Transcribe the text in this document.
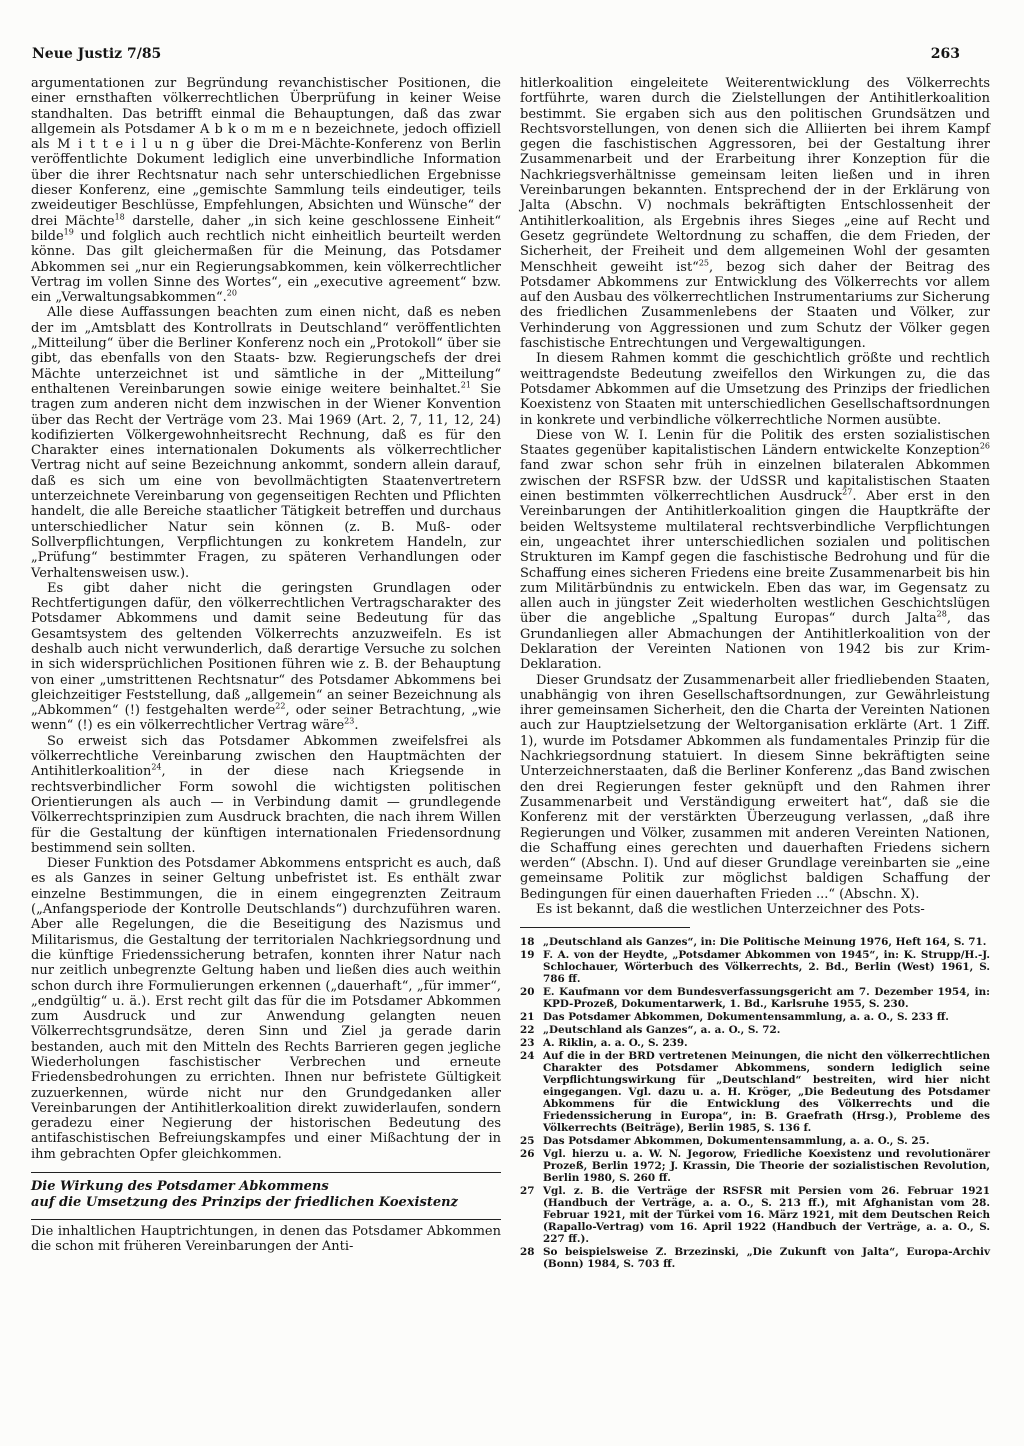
Neue Justiz 7/85	263

argumentationen zur Begründung revanchistischer Positionen, die einer ernsthaften völkerrechtlichen Überprüfung in keiner Weise standhalten. Das betrifft einmal die Behauptungen, daß das zwar allgemein als Potsdamer A b k o m m e n bezeichnete, jedoch offiziell als M i t t e i l u n g über die Drei-Mächte-Konferenz von Berlin veröffentlichte Dokument lediglich eine unverbindliche Information über die ihrer Rechtsnatur nach sehr unterschiedlichen Ergebnisse dieser Konferenz, eine „gemischte Sammlung teils eindeutiger, teils zweideutiger Beschlüsse, Empfehlungen, Absichten und Wünsche“ der drei Mächte$^{18}$ darstelle, daher „in sich keine geschlossene Einheit“ bilde$^{19}$ und folglich auch rechtlich nicht einheitlich beurteilt werden könne. Das gilt gleichermaßen für die Meinung, das Potsdamer Abkommen sei „nur ein Regierungsabkommen, kein völkerrechtlicher Vertrag im vollen Sinne des Wortes“, ein „executive agreement“ bzw. ein „Verwaltungsabkommen“.$^{20}$

Alle diese Auffassungen beachten zum einen nicht, daß es neben der im „Amtsblatt des Kontrollrats in Deutschland“ veröffentlichten „Mitteilung“ über die Berliner Konferenz noch ein „Protokoll“ über sie gibt, das ebenfalls von den Staats- bzw. Regierungschefs der drei Mächte unterzeichnet ist und sämtliche in der „Mitteilung“ enthaltenen Vereinbarungen sowie einige weitere beinhaltet.$^{21}$ Sie tragen zum anderen nicht dem inzwischen in der Wiener Konvention über das Recht der Verträge vom 23. Mai 1969 (Art. 2, 7, 11, 12, 24) kodifizierten Völkergewohnheitsrecht Rechnung, daß es für den Charakter eines internationalen Dokuments als völkerrechtlicher Vertrag nicht auf seine Bezeichnung ankommt, sondern allein darauf, daß es sich um eine von bevollmächtigten Staatenvertretern unterzeichnete Vereinbarung von gegenseitigen Rechten und Pflichten handelt, die alle Bereiche staatlicher Tätigkeit betreffen und durchaus unterschiedlicher Natur sein können (z. B. Muß- oder Sollverpflichtungen, Verpflichtungen zu konkretem Handeln, zur „Prüfung“ bestimmter Fragen, zu späteren Verhandlungen oder Verhaltensweisen usw.).

Es gibt daher nicht die geringsten Grundlagen oder Rechtfertigungen dafür, den völkerrechtlichen Vertragscharakter des Potsdamer Abkommens und damit seine Bedeutung für das Gesamtsystem des geltenden Völkerrechts anzuzweifeln. Es ist deshalb auch nicht verwunderlich, daß derartige Versuche zu solchen in sich widersprüchlichen Positionen führen wie z. B. der Behauptung von einer „umstrittenen Rechtsnatur“ des Potsdamer Abkommens bei gleichzeitiger Feststellung, daß „allgemein“ an seiner Bezeichnung als „Abkommen“ (!) festgehalten werde$^{22}$, oder seiner Betrachtung, „wie wenn“ (!) es ein völkerrechtlicher Vertrag wäre$^{23}$.

So erweist sich das Potsdamer Abkommen zweifelsfrei als völkerrechtliche Vereinbarung zwischen den Hauptmächten der Antihitlerkoalition$^{24}$, in der diese nach Kriegsende in rechtsverbindlicher Form sowohl die wichtigsten politischen Orientierungen als auch — in Verbindung damit — grundlegende Völkerrechtsprinzipien zum Ausdruck brachten, die nach ihrem Willen für die Gestaltung der künftigen internationalen Friedensordnung bestimmend sein sollten.

Dieser Funktion des Potsdamer Abkommens entspricht es auch, daß es als Ganzes in seiner Geltung unbefristet ist. Es enthält zwar einzelne Bestimmungen, die in einem eingegrenzten Zeitraum („Anfangsperiode der Kontrolle Deutschlands“) durchzuführen waren. Aber alle Regelungen, die die Beseitigung des Nazismus und Militarismus, die Gestaltung der territorialen Nachkriegsordnung und die künftige Friedenssicherung betrafen, konnten ihrer Natur nach nur zeitlich unbegrenzte Geltung haben und ließen dies auch weithin schon durch ihre Formulierungen erkennen („dauerhaft“, „für immer“, „endgültig“ u. ä.). Erst recht gilt das für die im Potsdamer Abkommen zum Ausdruck und zur Anwendung gelangten neuen Völkerrechtsgrundsätze, deren Sinn und Ziel ja gerade darin bestanden, auch mit den Mitteln des Rechts Barrieren gegen jegliche Wiederholungen faschistischer Verbrechen und erneute Friedensbedrohungen zu errichten. Ihnen nur befristete Gültigkeit zuzuerkennen, würde nicht nur den Grundgedanken aller Vereinbarungen der Antihitlerkoalition direkt zuwiderlaufen, sondern geradezu einer Negierung der historischen Bedeutung des antifaschistischen Befreiungskampfes und einer Mißachtung der in ihm gebrachten Opfer gleichkommen.

Die Wirkung des Potsdamer Abkommens
auf die Umsetzung des Prinzips der friedlichen Koexistenz

Die inhaltlichen Hauptrichtungen, in denen das Potsdamer Abkommen die schon mit früheren Vereinbarungen der Anti-

hitlerkoalition eingeleitete Weiterentwicklung des Völkerrechts fortführte, waren durch die Zielstellungen der Antihitlerkoalition bestimmt. Sie ergaben sich aus den politischen Grundsätzen und Rechtsvorstellungen, von denen sich die Alliierten bei ihrem Kampf gegen die faschistischen Aggressoren, bei der Gestaltung ihrer Zusammenarbeit und der Erarbeitung ihrer Konzeption für die Nachkriegsverhältnisse gemeinsam leiten ließen und in ihren Vereinbarungen bekannten. Entsprechend der in der Erklärung von Jalta (Abschn. V) nochmals bekräftigten Entschlossenheit der Antihitlerkoalition, als Ergebnis ihres Sieges „eine auf Recht und Gesetz gegründete Weltordnung zu schaffen, die dem Frieden, der Sicherheit, der Freiheit und dem allgemeinen Wohl der gesamten Menschheit geweiht ist“$^{25}$, bezog sich daher der Beitrag des Potsdamer Abkommens zur Entwicklung des Völkerrechts vor allem auf den Ausbau des völkerrechtlichen Instrumentariums zur Sicherung des friedlichen Zusammenlebens der Staaten und Völker, zur Verhinderung von Aggressionen und zum Schutz der Völker gegen faschistische Entrechtungen und Vergewaltigungen.

In diesem Rahmen kommt die geschichtlich größte und rechtlich weittragendste Bedeutung zweifellos den Wirkungen zu, die das Potsdamer Abkommen auf die Umsetzung des Prinzips der friedlichen Koexistenz von Staaten mit unterschiedlichen Gesellschaftsordnungen in konkrete und verbindliche völkerrechtliche Normen ausübte.

Diese von W. I. Lenin für die Politik des ersten sozialistischen Staates gegenüber kapitalistischen Ländern entwickelte Konzeption$^{26}$ fand zwar schon sehr früh in einzelnen bilateralen Abkommen zwischen der RSFSR bzw. der UdSSR und kapitalistischen Staaten einen bestimmten völkerrechtlichen Ausdruck$^{27}$. Aber erst in den Vereinbarungen der Antihitlerkoalition gingen die Hauptkräfte der beiden Weltsysteme multilateral rechtsverbindliche Verpflichtungen ein, ungeachtet ihrer unterschiedlichen sozialen und politischen Strukturen im Kampf gegen die faschistische Bedrohung und für die Schaffung eines sicheren Friedens eine breite Zusammenarbeit bis hin zum Militärbündnis zu entwickeln. Eben das war, im Gegensatz zu allen auch in jüngster Zeit wiederholten westlichen Geschichtslügen über die angebliche „Spaltung Europas“ durch Jalta$^{28}$, das Grundanliegen aller Abmachungen der Antihitlerkoalition von der Deklaration der Vereinten Nationen von 1942 bis zur Krim-Deklaration.

Dieser Grundsatz der Zusammenarbeit aller friedliebenden Staaten, unabhängig von ihren Gesellschaftsordnungen, zur Gewährleistung ihrer gemeinsamen Sicherheit, den die Charta der Vereinten Nationen auch zur Hauptzielsetzung der Weltorganisation erklärte (Art. 1 Ziff. 1), wurde im Potsdamer Abkommen als fundamentales Prinzip für die Nachkriegsordnung statuiert. In diesem Sinne bekräftigten seine Unterzeichnerstaaten, daß die Berliner Konferenz „das Band zwischen den drei Regierungen fester geknüpft und den Rahmen ihrer Zusammenarbeit und Verständigung erweitert hat“, daß sie die Konferenz mit der verstärkten Überzeugung verlassen, „daß ihre Regierungen und Völker, zusammen mit anderen Vereinten Nationen, die Schaffung eines gerechten und dauerhaften Friedens sichern werden“ (Abschn. I). Und auf dieser Grundlage vereinbarten sie „eine gemeinsame Politik zur möglichst baldigen Schaffung der Bedingungen für einen dauerhaften Frieden ...“ (Abschn. X).

Es ist bekannt, daß die westlichen Unterzeichner des Pots-

18 „Deutschland als Ganzes“, in: Die Politische Meinung 1976, Heft 164, S. 71.
19 F. A. von der Heydte, „Potsdamer Abkommen von 1945“, in: K. Strupp/H.-J. Schlochauer, Wörterbuch des Völkerrechts, 2. Bd., Berlin (West) 1961, S. 786 ff.
20 E. Kaufmann vor dem Bundesverfassungsgericht am 7. Dezember 1954, in: KPD-Prozeß, Dokumentarwerk, 1. Bd., Karlsruhe 1955, S. 230.
21 Das Potsdamer Abkommen, Dokumentensammlung, a. a. O., S. 233 ff.
22 „Deutschland als Ganzes“, a. a. O., S. 72.
23 A. Riklin, a. a. O., S. 239.
24 Auf die in der BRD vertretenen Meinungen, die nicht den völkerrechtlichen Charakter des Potsdamer Abkommens, sondern lediglich seine Verpflichtungswirkung für „Deutschland“ bestreiten, wird hier nicht eingegangen. Vgl. dazu u. a. H. Kröger, „Die Bedeutung des Potsdamer Abkommens für die Entwicklung des Völkerrechts und die Friedenssicherung in Europa“, in: B. Graefrath (Hrsg.), Probleme des Völkerrechts (Beiträge), Berlin 1985, S. 136 f.
25 Das Potsdamer Abkommen, Dokumentensammlung, a. a. O., S. 25.
26 Vgl. hierzu u. a. W. N. Jegorow, Friedliche Koexistenz und revolutionärer Prozeß, Berlin 1972; J. Krassin, Die Theorie der sozialistischen Revolution, Berlin 1980, S. 260 ff.
27 Vgl. z. B. die Verträge der RSFSR mit Persien vom 26. Februar 1921 (Handbuch der Verträge, a. a. O., S. 213 ff.), mit Afghanistan vom 28. Februar 1921, mit der Türkei vom 16. März 1921, mit dem Deutschen Reich (Rapallo-Vertrag) vom 16. April 1922 (Handbuch der Verträge, a. a. O., S. 227 ff.).
28 So beispielsweise Z. Brzezinski, „Die Zukunft von Jalta“, Europa-Archiv (Bonn) 1984, S. 703 ff.
